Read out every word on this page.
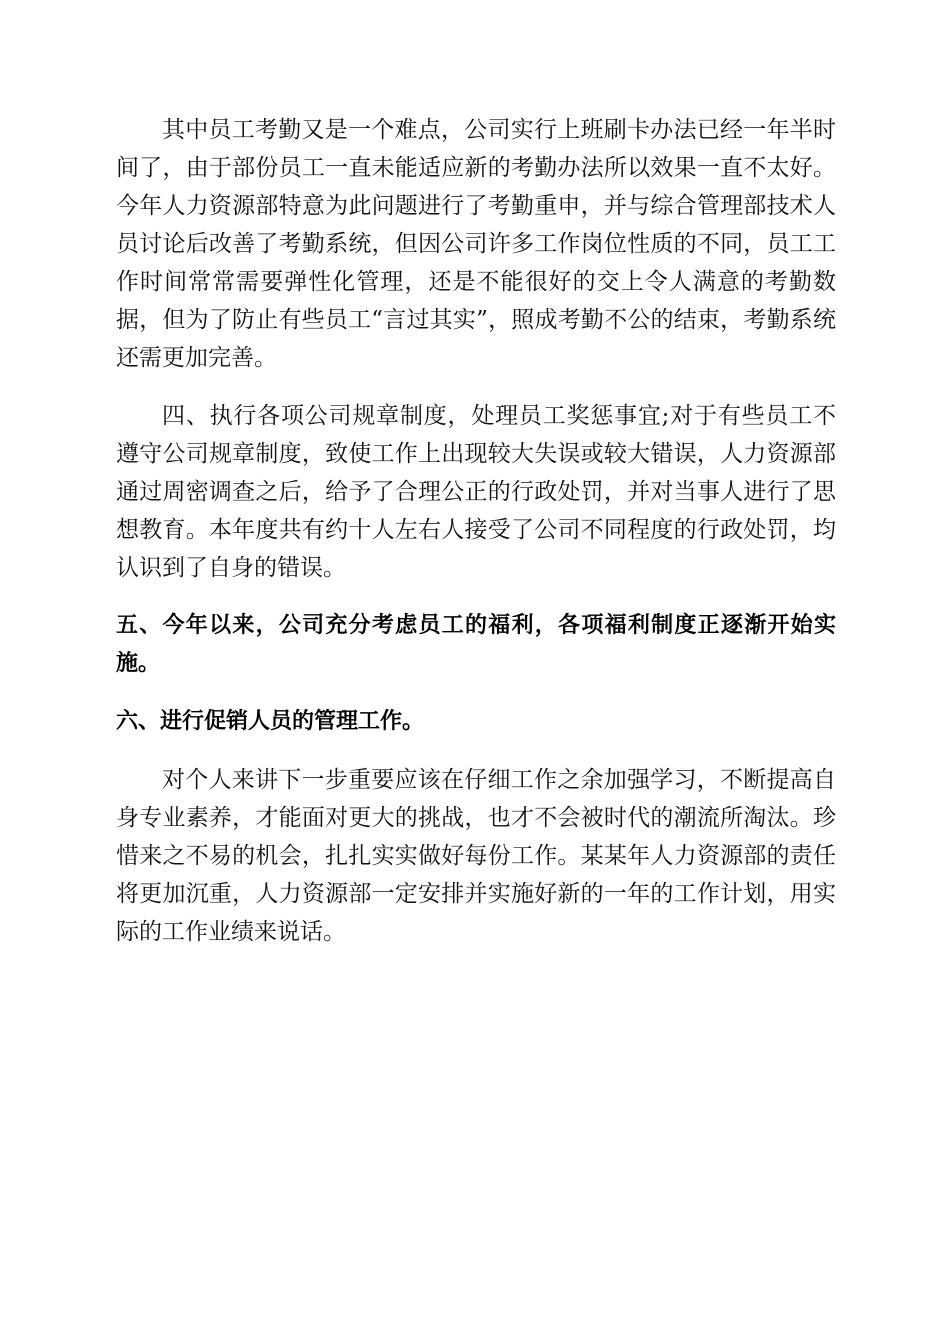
其中员工考勤又是一个难点，公司实行上班刷卡办法已经一年半时间了，由于部份员工一直未能适应新的考勤办法所以效果一直不太好。今年人力资源部特意为此问题进行了考勤重申，并与综合管理部技术人员讨论后改善了考勤系统，但因公司许多工作岗位性质的不同，员工工作时间常常需要弹性化管理，还是不能很好的交上令人满意的考勤数据，但为了防止有些员工“言过其实”，照成考勤不公的结束，考勤系统还需更加完善。

四、执行各项公司规章制度，处理员工奖惩事宜;对于有些员工不遵守公司规章制度，致使工作上出现较大失误或较大错误，人力资源部通过周密调查之后，给予了合理公正的行政处罚，并对当事人进行了思想教育。本年度共有约十人左右人接受了公司不同程度的行政处罚，均认识到了自身的错误。

五、今年以来，公司充分考虑员工的福利，各项福利制度正逐渐开始实施。

六、进行促销人员的管理工作。

对个人来讲下一步重要应该在仔细工作之余加强学习，不断提高自身专业素养，才能面对更大的挑战，也才不会被时代的潮流所淘汰。珍惜来之不易的机会，扎扎实实做好每份工作。某某年人力资源部的责任将更加沉重，人力资源部一定安排并实施好新的一年的工作计划，用实际的工作业绩来说话。
